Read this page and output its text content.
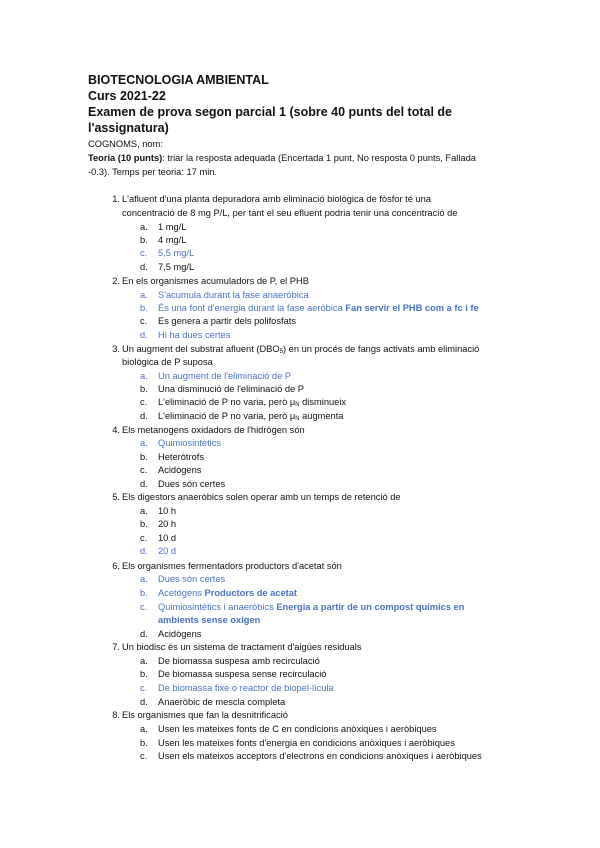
BIOTECNOLOGIA AMBIENTAL
Curs 2021-22
Examen de prova segon parcial 1 (sobre 40 punts del total de
l'assignatura)
COGNOMS, nom:
Teoria (10 punts): triar la resposta adequada (Encertada 1 punt, No resposta 0 punts, Fallada
-0.3). Temps per teoria: 17 min.
1. L'afluent d'una planta depuradora amb eliminació biològica de fòsfor té una
concentració de 8 mg P/L, per tant el seu efluent podria tenir una concentració de
a.	1 mg/L
b.	4 mg/L
c.	5,5 mg/L
d.	7,5 mg/L
2. En els organismes acumuladors de P, el PHB
a.	S'acumula durant la fase anaeròbica
b.	És una font d'energia durant la fase aeròbica Fan servir el PHB com a fc i fe
c.	Es genera a partir dels polifosfats
d.	Hi ha dues certes
3. Un augment del substrat afluent $(DBO_5)$ en un procés de fangs activats amb eliminació
biològica de P suposa
a.	Un augment de l'eliminació de P
b.	Una disminució de l'eliminació de P
c.	L'eliminació de P no varia, però $\mu_N$ disminueix
d.	L'eliminació de P no varia, però $\mu_N$ augmenta
4. Els metanogens oxidadors de l'hidrògen són
a.	Quimiosintètics
b.	Heteròtrofs
c.	Acidògens
d.	Dues són certes
5. Els digestors anaeròbics solen operar amb un temps de retenció de
a.	10 h
b.	20 h
c.	10 d
d.	20 d
6. Els organismes fermentadors productors d'acetat són
a.	Dues són certes
b.	Acetògens Productors de acetat
c.	Quimiosintètics i anaeròbics Energia a partir de un compost químics en
ambients sense oxigen
d.	Acidògens
7. Un biodisc és un sistema de tractament d'aigües residuals
a.	De biomassa suspesa amb recirculació
b.	De biomassa suspesa sense recirculació
c.	De biomassa fixe o reactor de biopel·lícula
d.	Anaeròbic de mescla completa
8. Els organismes que fan la desnitrificació
a.	Usen les mateixes fonts de C en condicions anòxiques i aeròbiques
b.	Usen les mateixes fonts d'energia en condicions anòxiques i aeròbiques
c.	Usen els mateixos acceptors d'electrons en condicions anòxiques i aeròbiques
